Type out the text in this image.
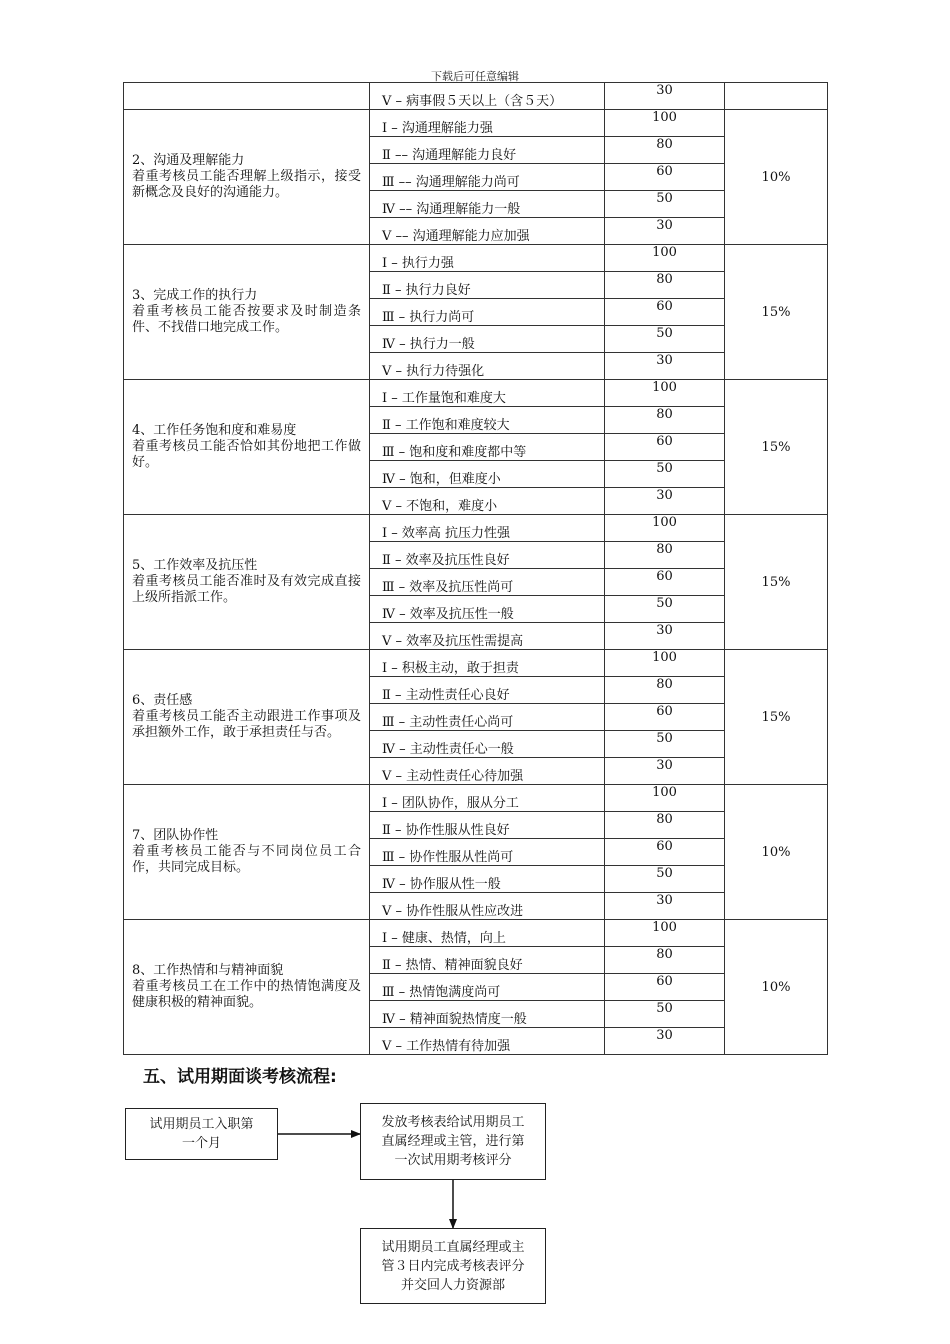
下载后可任意编辑
	Ⅴ – 病事假５天以上（含５天）	30	

2、沟通及理解能力
着重考核员工能否理解上级指示，接受新概念及良好的沟通能力。	Ⅰ – 沟通理解能力强	100	10%
	Ⅱ –– 沟通理解能力良好	80	
	Ⅲ –– 沟通理解能力尚可	60	
	Ⅳ –– 沟通理解能力一般	50	
	Ⅴ –– 沟通理解能力应加强	30	

3、完成工作的执行力
着重考核员工能否按要求及时制造条件、不找借口地完成工作。	Ⅰ – 执行力强	100	15%
	Ⅱ – 执行力良好	80	
	Ⅲ – 执行力尚可	60	
	Ⅳ – 执行力一般	50	
	Ⅴ – 执行力待强化	30	

4、工作任务饱和度和难易度
着重考核员工能否恰如其份地把工作做好。	Ⅰ – 工作量饱和难度大	100	15%
	Ⅱ – 工作饱和难度较大	80	
	Ⅲ – 饱和度和难度都中等	60	
	Ⅳ – 饱和，但难度小	50	
	Ⅴ – 不饱和，难度小	30	

5、工作效率及抗压性
着重考核员工能否准时及有效完成直接上级所指派工作。	Ⅰ – 效率高 抗压力性强	100	15%
	Ⅱ – 效率及抗压性良好	80	
	Ⅲ – 效率及抗压性尚可	60	
	Ⅳ – 效率及抗压性一般	50	
	Ⅴ – 效率及抗压性需提高	30	

6、责任感
着重考核员工能否主动跟进工作事项及承担额外工作，敢于承担责任与否。	Ⅰ – 积极主动，敢于担责	100	15%
	Ⅱ – 主动性责任心良好	80	
	Ⅲ – 主动性责任心尚可	60	
	Ⅳ – 主动性责任心一般	50	
	Ⅴ – 主动性责任心待加强	30	

7、团队协作性
着重考核员工能否与不同岗位员工合作，共同完成目标。	Ⅰ – 团队协作，服从分工	100	10%
	Ⅱ – 协作性服从性良好	80	
	Ⅲ – 协作性服从性尚可	60	
	Ⅳ – 协作服从性一般	50	
	Ⅴ – 协作性服从性应改进	30	

8、工作热情和与精神面貌
着重考核员工在工作中的热情饱满度及健康积极的精神面貌。	Ⅰ – 健康、热情，向上	100	10%
	Ⅱ – 热情、精神面貌良好	80	
	Ⅲ – 热情饱满度尚可	60	
	Ⅳ – 精神面貌热情度一般	50	
	Ⅴ – 工作热情有待加强	30	
五、试用期面谈考核流程:
试用期员工入职第
一个月
发放考核表给试用期员工
直属经理或主管，进行第
一次试用期考核评分
试用期员工直属经理或主
管３日内完成考核表评分
并交回人力资源部
